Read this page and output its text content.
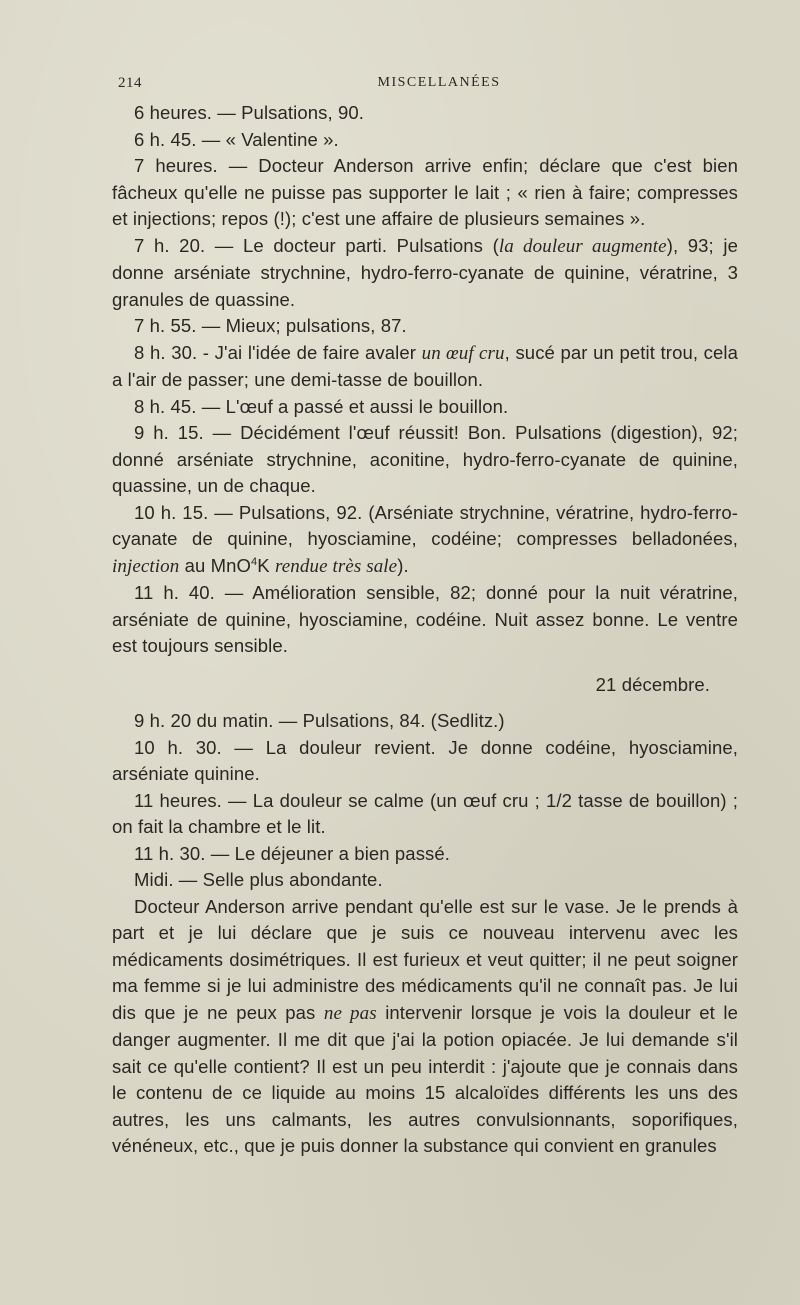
214	MISCELLANÉES

6 heures. — Pulsations, 90.

6 h. 45. — « Valentine ».

7 heures. — Docteur Anderson arrive enfin; déclare que c'est bien fâcheux qu'elle ne puisse pas supporter le lait ; « rien à faire; compresses et injections; repos (!); c'est une affaire de plusieurs semaines ».

7 h. 20. — Le docteur parti. Pulsations (la douleur augmente), 93; je donne arséniate strychnine, hydro-ferro-cyanate de quinine, vératrine, 3 granules de quassine.

7 h. 55. — Mieux; pulsations, 87.

8 h. 30. - J'ai l'idée de faire avaler un œuf cru, sucé par un petit trou, cela a l'air de passer; une demi-tasse de bouillon.

8 h. 45. — L'œuf a passé et aussi le bouillon.

9 h. 15. — Décidément l'œuf réussit! Bon. Pulsations (digestion), 92; donné arséniate strychnine, aconitine, hydro-ferro-cyanate de quinine, quassine, un de chaque.

10 h. 15. — Pulsations, 92. (Arséniate strychnine, vératrine, hydro-ferro-cyanate de quinine, hyosciamine, codéine; compresses belladonées, injection au MnO$^4$K rendue très sale).

11 h. 40. — Amélioration sensible, 82; donné pour la nuit vératrine, arséniate de quinine, hyosciamine, codéine. Nuit assez bonne. Le ventre est toujours sensible.

21 décembre.

9 h. 20 du matin. — Pulsations, 84. (Sedlitz.)

10 h. 30. — La douleur revient. Je donne codéine, hyosciamine, arséniate quinine.

11 heures. — La douleur se calme (un œuf cru ; 1/2 tasse de bouillon) ; on fait la chambre et le lit.

11 h. 30. — Le déjeuner a bien passé.

Midi. — Selle plus abondante.

Docteur Anderson arrive pendant qu'elle est sur le vase. Je le prends à part et je lui déclare que je suis ce nouveau intervenu avec les médicaments dosimétriques. Il est furieux et veut quitter; il ne peut soigner ma femme si je lui administre des médicaments qu'il ne connaît pas. Je lui dis que je ne peux pas ne pas intervenir lorsque je vois la douleur et le danger augmenter. Il me dit que j'ai la potion opiacée. Je lui demande s'il sait ce qu'elle contient? Il est un peu interdit : j'ajoute que je connais dans le contenu de ce liquide au moins 15 alcaloïdes différents les uns des autres, les uns calmants, les autres convulsionnants, soporifiques, vénéneux, etc., que je puis donner la substance qui convient en granules
